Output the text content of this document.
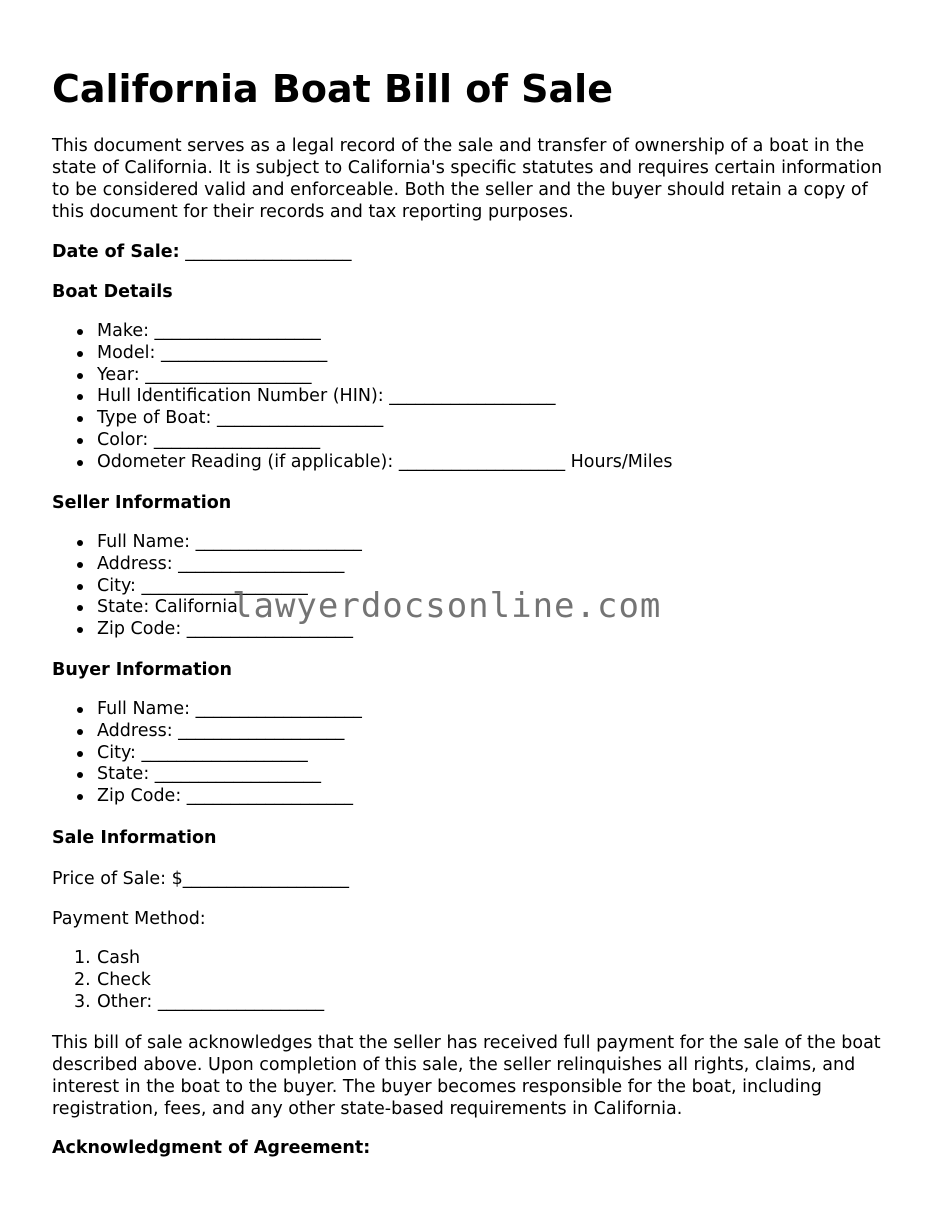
California Boat Bill of Sale

This document serves as a legal record of the sale and transfer of ownership of a boat in the state of California. It is subject to California's specific statutes and requires certain information to be considered valid and enforceable. Both the seller and the buyer should retain a copy of this document for their records and tax reporting purposes.

Date of Sale: ___________________

Boat Details

Make: ___________________
Model: ___________________
Year: ___________________
Hull Identification Number (HIN): ___________________
Type of Boat: ___________________
Color: ___________________
Odometer Reading (if applicable): ___________________ Hours/Miles

Seller Information

Full Name: ___________________
Address: ___________________
City: ___________________
State: California
Zip Code: ___________________

Buyer Information

Full Name: ___________________
Address: ___________________
City: ___________________
State: ___________________
Zip Code: ___________________

Sale Information

Price of Sale: $___________________

Payment Method:

1. Cash
2. Check
3. Other: ___________________

This bill of sale acknowledges that the seller has received full payment for the sale of the boat described above. Upon completion of this sale, the seller relinquishes all rights, claims, and interest in the boat to the buyer. The buyer becomes responsible for the boat, including registration, fees, and any other state-based requirements in California.

Acknowledgment of Agreement:

lawyerdocsonline.com
